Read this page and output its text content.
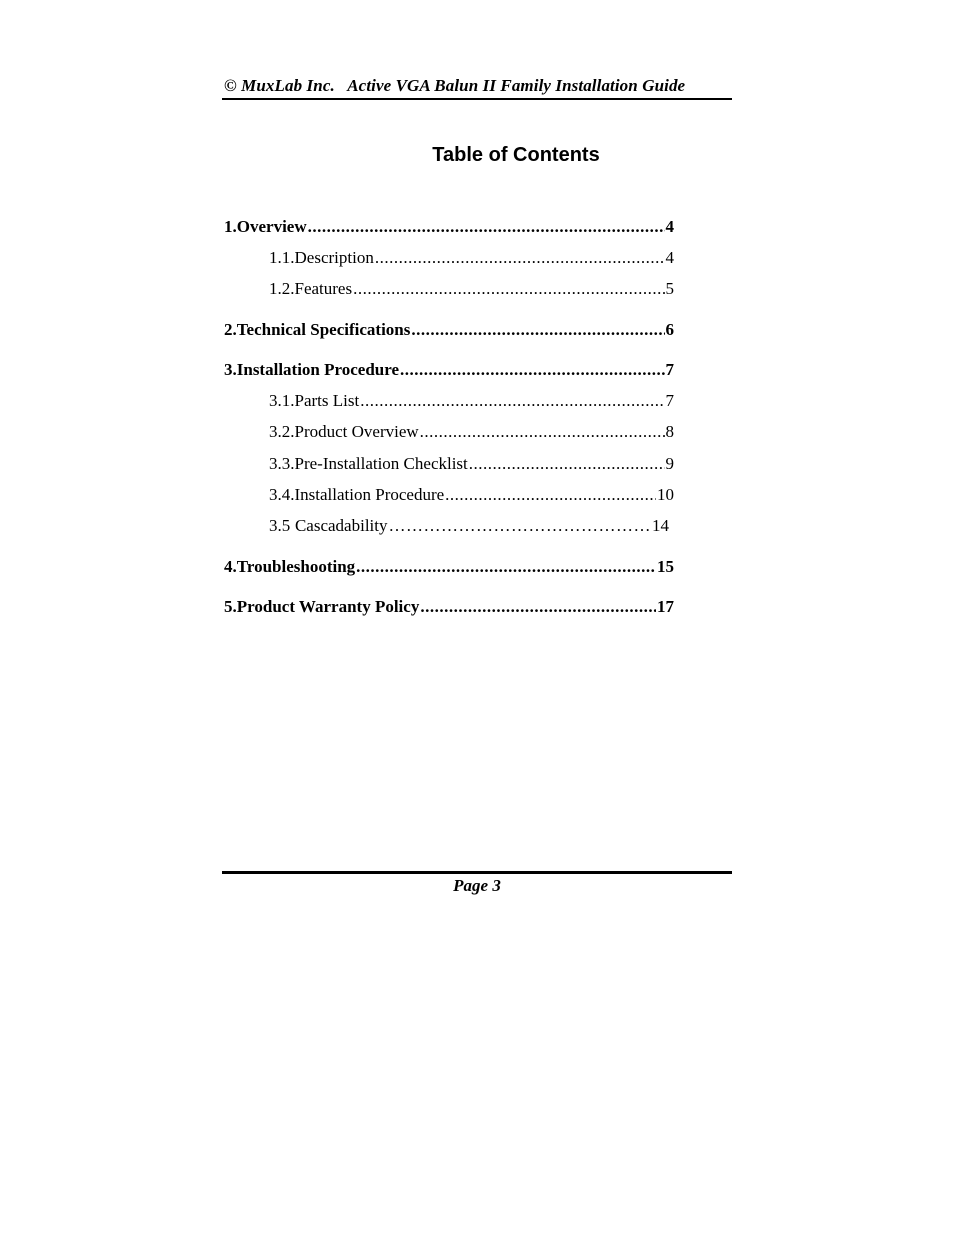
© MuxLab Inc.   Active VGA Balun II Family Installation Guide
Table of Contents
1. Overview .....	4
1.1. Description .....	4
1.2. Features .....	5
2. Technical Specifications .....	6
3. Installation Procedure .....	7
3.1. Parts List .....	7
3.2. Product Overview .....	8
3.3. Pre-Installation Checklist .....	9
3.4. Installation Procedure .....	10
3.5 Cascadability ……………………………………………………………………	14
4. Troubleshooting .....	15
5. Product Warranty Policy .....	17
Page 3
